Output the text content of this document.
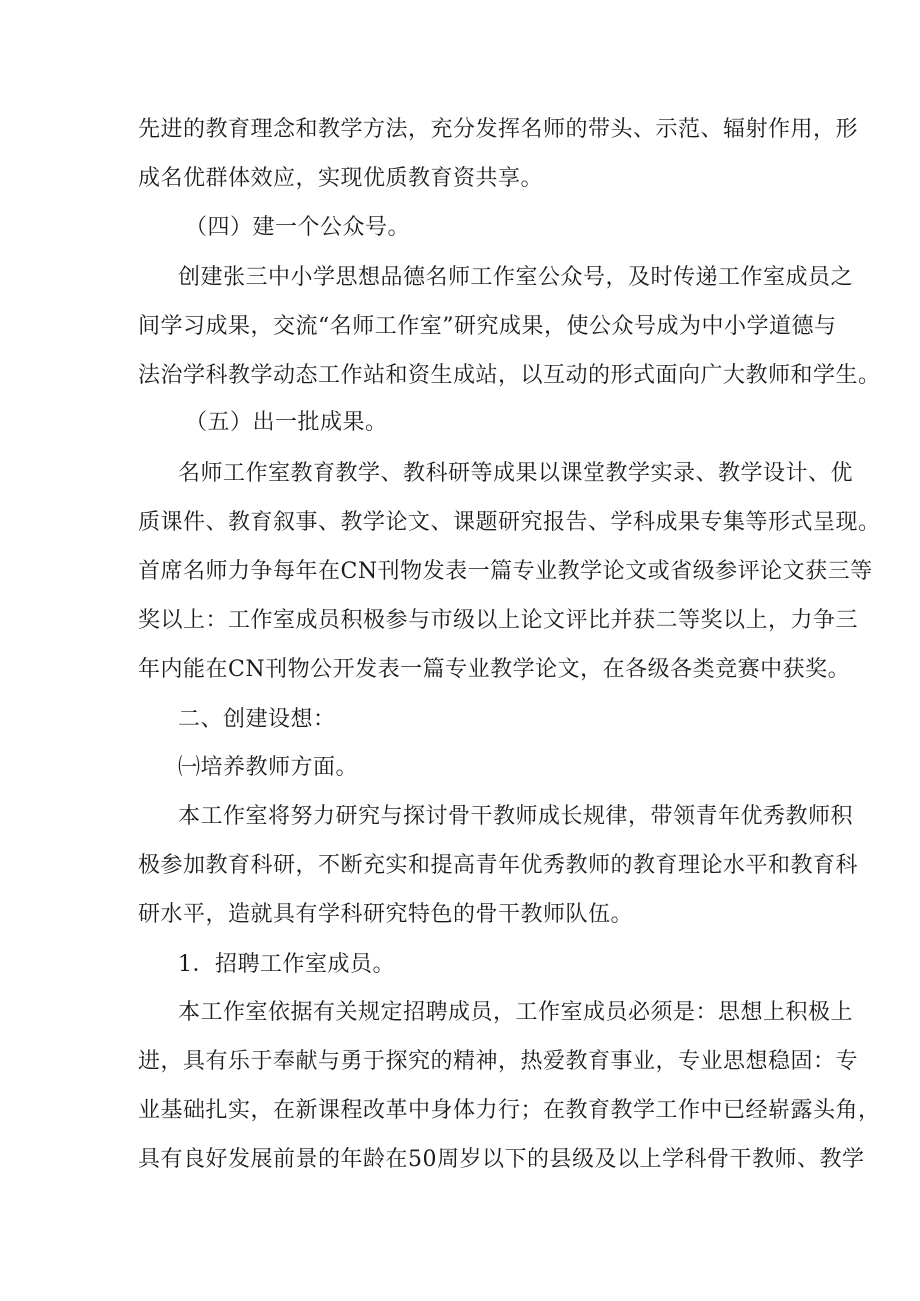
先进的教育理念和教学方法，充分发挥名师的带头、示范、辐射作用，形
成名优群体效应，实现优质教育资共享。
（四）建一个公众号。
创建张三中小学思想品德名师工作室公众号，及时传递工作室成员之
间学习成果，交流“名师工作室”研究成果，使公众号成为中小学道德与
法治学科教学动态工作站和资生成站，以互动的形式面向广大教师和学生。
（五）出一批成果。
名师工作室教育教学、教科研等成果以课堂教学实录、教学设计、优
质课件、教育叙事、教学论文、课题研究报告、学科成果专集等形式呈现。
首席名师力争每年在CN刊物发表一篇专业教学论文或省级参评论文获三等
奖以上：工作室成员积极参与市级以上论文评比并获二等奖以上，力争三
年内能在CN刊物公开发表一篇专业教学论文，在各级各类竞赛中获奖。
二、创建设想：
㈠培养教师方面。
本工作室将努力研究与探讨骨干教师成长规律，带领青年优秀教师积
极参加教育科研，不断充实和提高青年优秀教师的教育理论水平和教育科
研水平，造就具有学科研究特色的骨干教师队伍。
1．招聘工作室成员。
本工作室依据有关规定招聘成员，工作室成员必须是：思想上积极上
进，具有乐于奉献与勇于探究的精神，热爱教育事业，专业思想稳固：专
业基础扎实，在新课程改革中身体力行；在教育教学工作中已经崭露头角，
具有良好发展前景的年龄在50周岁以下的县级及以上学科骨干教师、教学
